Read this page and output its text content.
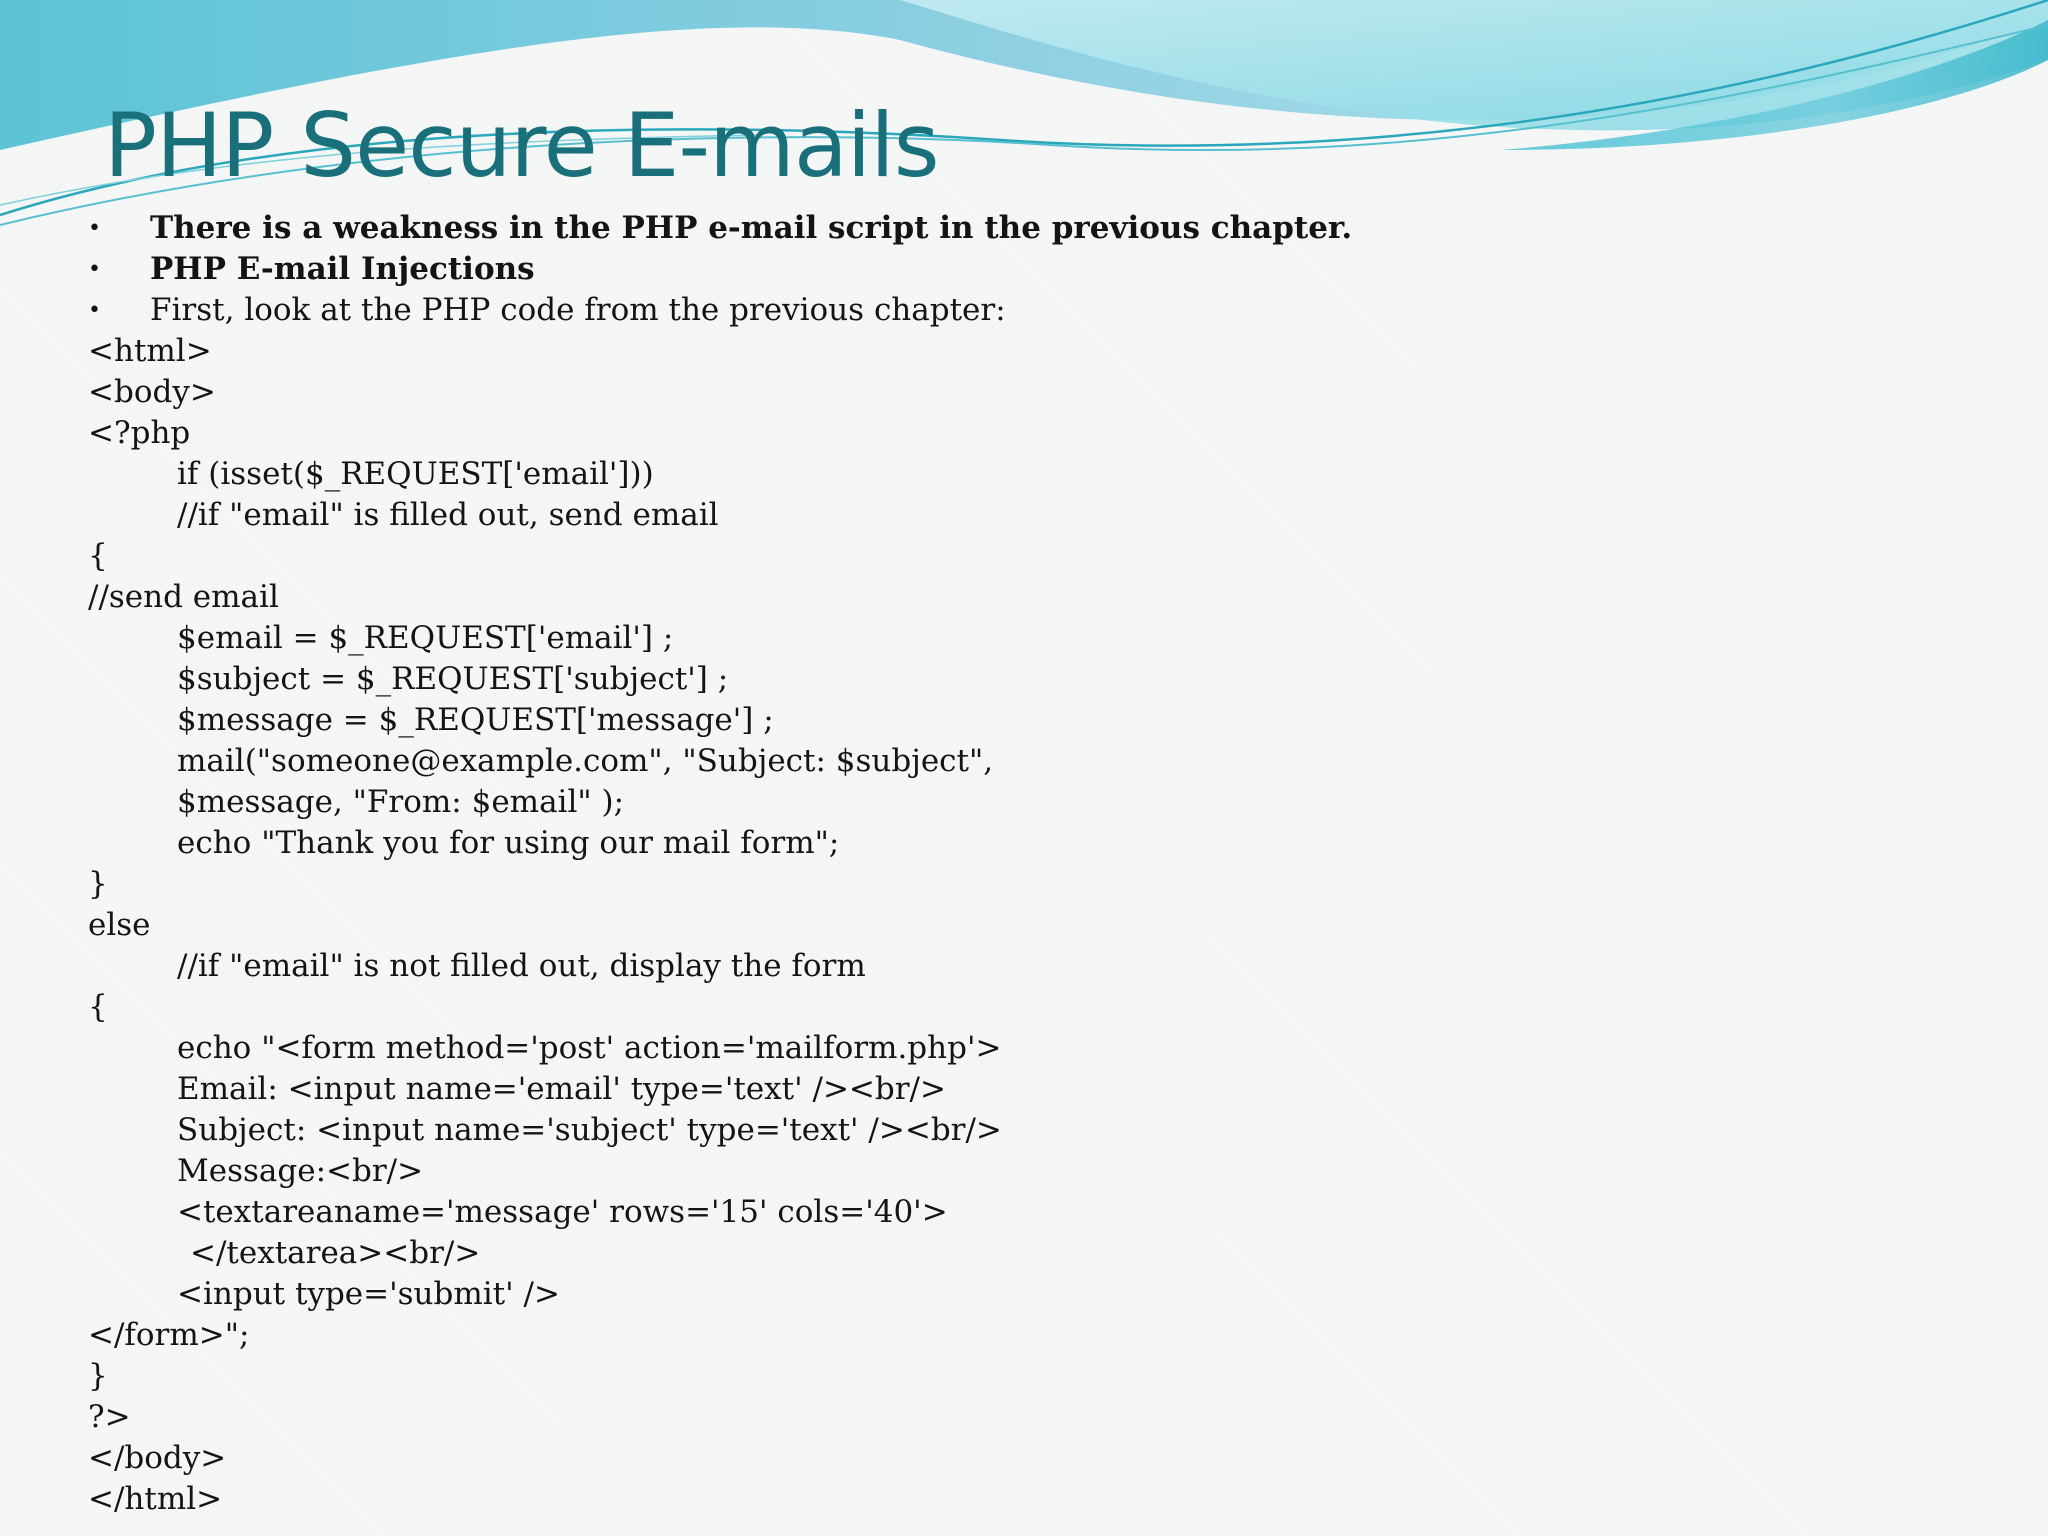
PHP Secure E-mails
• There is a weakness in the PHP e-mail script in the previous chapter.
• PHP E-mail Injections
• First, look at the PHP code from the previous chapter:
<html>
<body>
<?php
if (isset($_REQUEST['email']))
//if "email" is filled out, send email
{
//send email
$email = $_REQUEST['email'] ;
$subject = $_REQUEST['subject'] ;
$message = $_REQUEST['message'] ;
mail("someone@example.com", "Subject: $subject",
$message, "From: $email" );
echo "Thank you for using our mail form";
}
else
//if "email" is not filled out, display the form
{
echo "<form method='post' action='mailform.php'>
Email: <input name='email' type='text' /><br/>
Subject: <input name='subject' type='text' /><br/>
Message:<br/>
<textareaname='message' rows='15' cols='40'>
</textarea><br/>
<input type='submit' />
</form>";
}
?>
</body>
</html>
